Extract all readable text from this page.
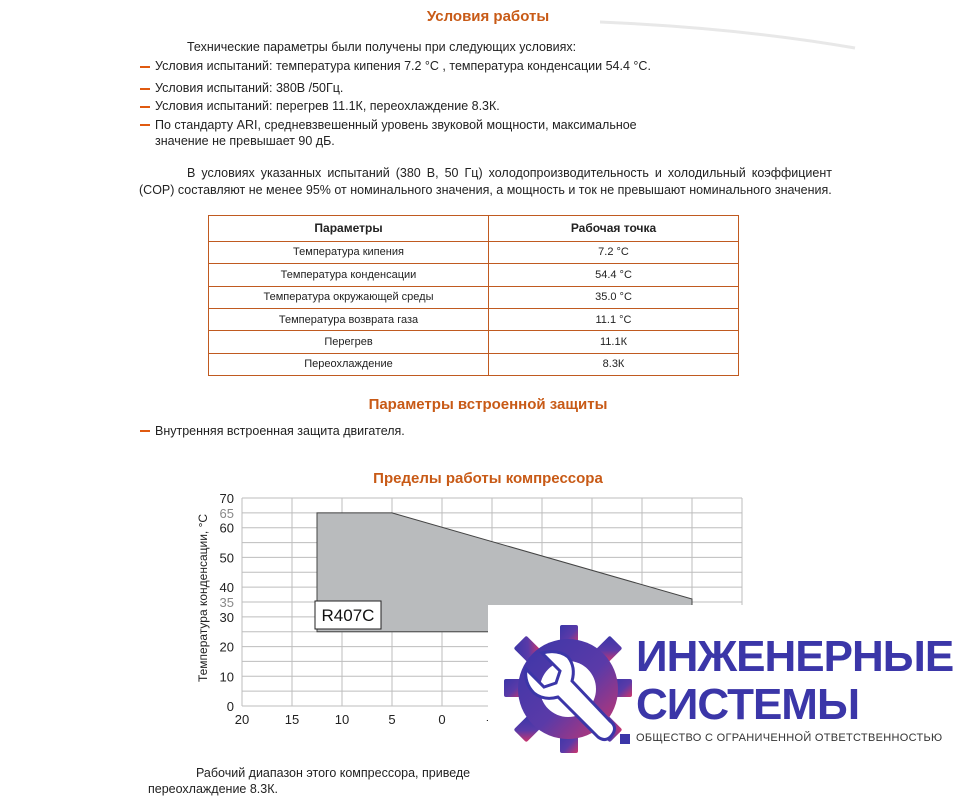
Условия работы
Технические параметры были получены при следующих условиях:
Условия испытаний: температура кипения 7.2 °С , температура конденсации 54.4 °С.
Условия испытаний: 380В /50Гц.
Условия испытаний: перегрев 11.1К, переохлаждение 8.3К.
По стандарту ARI, средневзвешенный уровень звуковой мощности, максимальное
значение не превышает 90 дБ.
В условиях указанных испытаний (380 В, 50 Гц) холодопроизводительность и холодильный коэффициент (COP) составляют не менее 95% от номинального значения, а мощность и ток не превышают номинального значения.
Параметры	Рабочая точка
Температура кипения	7.2 °С
Температура конденсации	54.4 °С
Температура окружающей среды	35.0 °С
Температура возврата газа	11.1 °С
Перегрев	11.1К
Переохлаждение	8.3К
Параметры встроенной защиты
Внутренняя встроенная защита двигателя.
Пределы работы компрессора
0
10
20
30
35
40
50
60
65
70
20	15	10	5	0
R407C
Температура конденсации, °С
Рабочий диапазон этого компрессора, приведе
переохлаждение 8.3К.
ИНЖЕНЕРНЫЕ
СИСТЕМЫ
ОБЩЕСТВО С ОГРАНИЧЕННОЙ ОТВЕТСТВЕННОСТЬЮ
